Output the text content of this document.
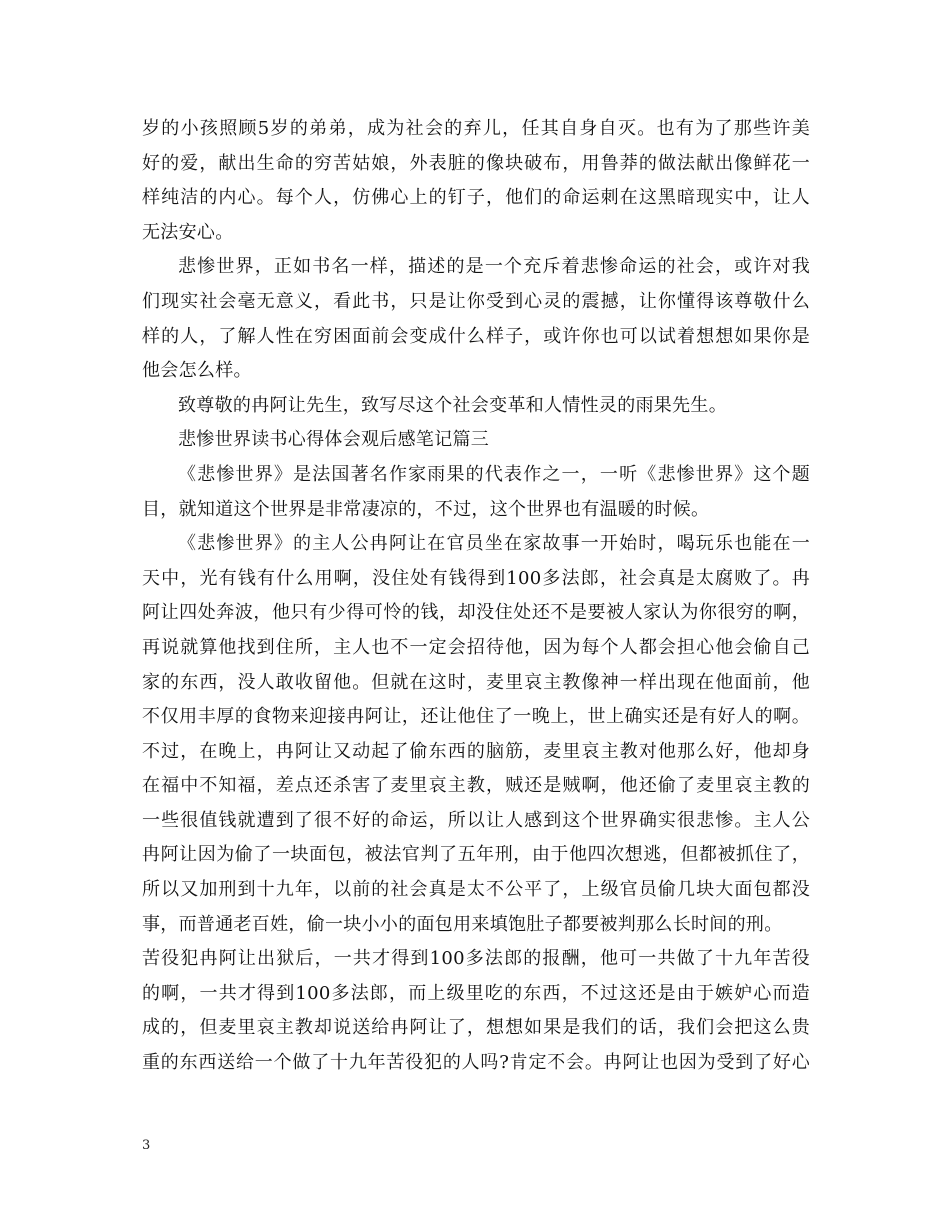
岁的小孩照顾5岁的弟弟，成为社会的弃儿，任其自身自灭。也有为了那些许美
好的爱，献出生命的穷苦姑娘，外表脏的像块破布，用鲁莽的做法献出像鲜花一
样纯洁的内心。每个人，仿佛心上的钉子，他们的命运刺在这黑暗现实中，让人
无法安心。
悲惨世界，正如书名一样，描述的是一个充斥着悲惨命运的社会，或许对我
们现实社会毫无意义，看此书，只是让你受到心灵的震撼，让你懂得该尊敬什么
样的人，了解人性在穷困面前会变成什么样子，或许你也可以试着想想如果你是
他会怎么样。
致尊敬的冉阿让先生，致写尽这个社会变革和人情性灵的雨果先生。
悲惨世界读书心得体会观后感笔记篇三
《悲惨世界》是法国著名作家雨果的代表作之一，一听《悲惨世界》这个题
目，就知道这个世界是非常凄凉的，不过，这个世界也有温暖的时候。
《悲惨世界》的主人公冉阿让在官员坐在家故事一开始时，喝玩乐也能在一
天中，光有钱有什么用啊，没住处有钱得到100多法郎，社会真是太腐败了。冉
阿让四处奔波，他只有少得可怜的钱，却没住处还不是要被人家认为你很穷的啊，
再说就算他找到住所，主人也不一定会招待他，因为每个人都会担心他会偷自己
家的东西，没人敢收留他。但就在这时，麦里哀主教像神一样出现在他面前，他
不仅用丰厚的食物来迎接冉阿让，还让他住了一晚上，世上确实还是有好人的啊。
不过，在晚上，冉阿让又动起了偷东西的脑筋，麦里哀主教对他那么好，他却身
在福中不知福，差点还杀害了麦里哀主教，贼还是贼啊，他还偷了麦里哀主教的
一些很值钱就遭到了很不好的命运，所以让人感到这个世界确实很悲惨。主人公
冉阿让因为偷了一块面包，被法官判了五年刑，由于他四次想逃，但都被抓住了，
所以又加刑到十九年，以前的社会真是太不公平了，上级官员偷几块大面包都没
事，而普通老百姓，偷一块小小的面包用来填饱肚子都要被判那么长时间的刑。
苦役犯冉阿让出狱后，一共才得到100多法郎的报酬，他可一共做了十九年苦役
的啊，一共才得到100多法郎，而上级里吃的东西，不过这还是由于嫉妒心而造
成的，但麦里哀主教却说送给冉阿让了，想想如果是我们的话，我们会把这么贵
重的东西送给一个做了十九年苦役犯的人吗?肯定不会。冉阿让也因为受到了好心
3
